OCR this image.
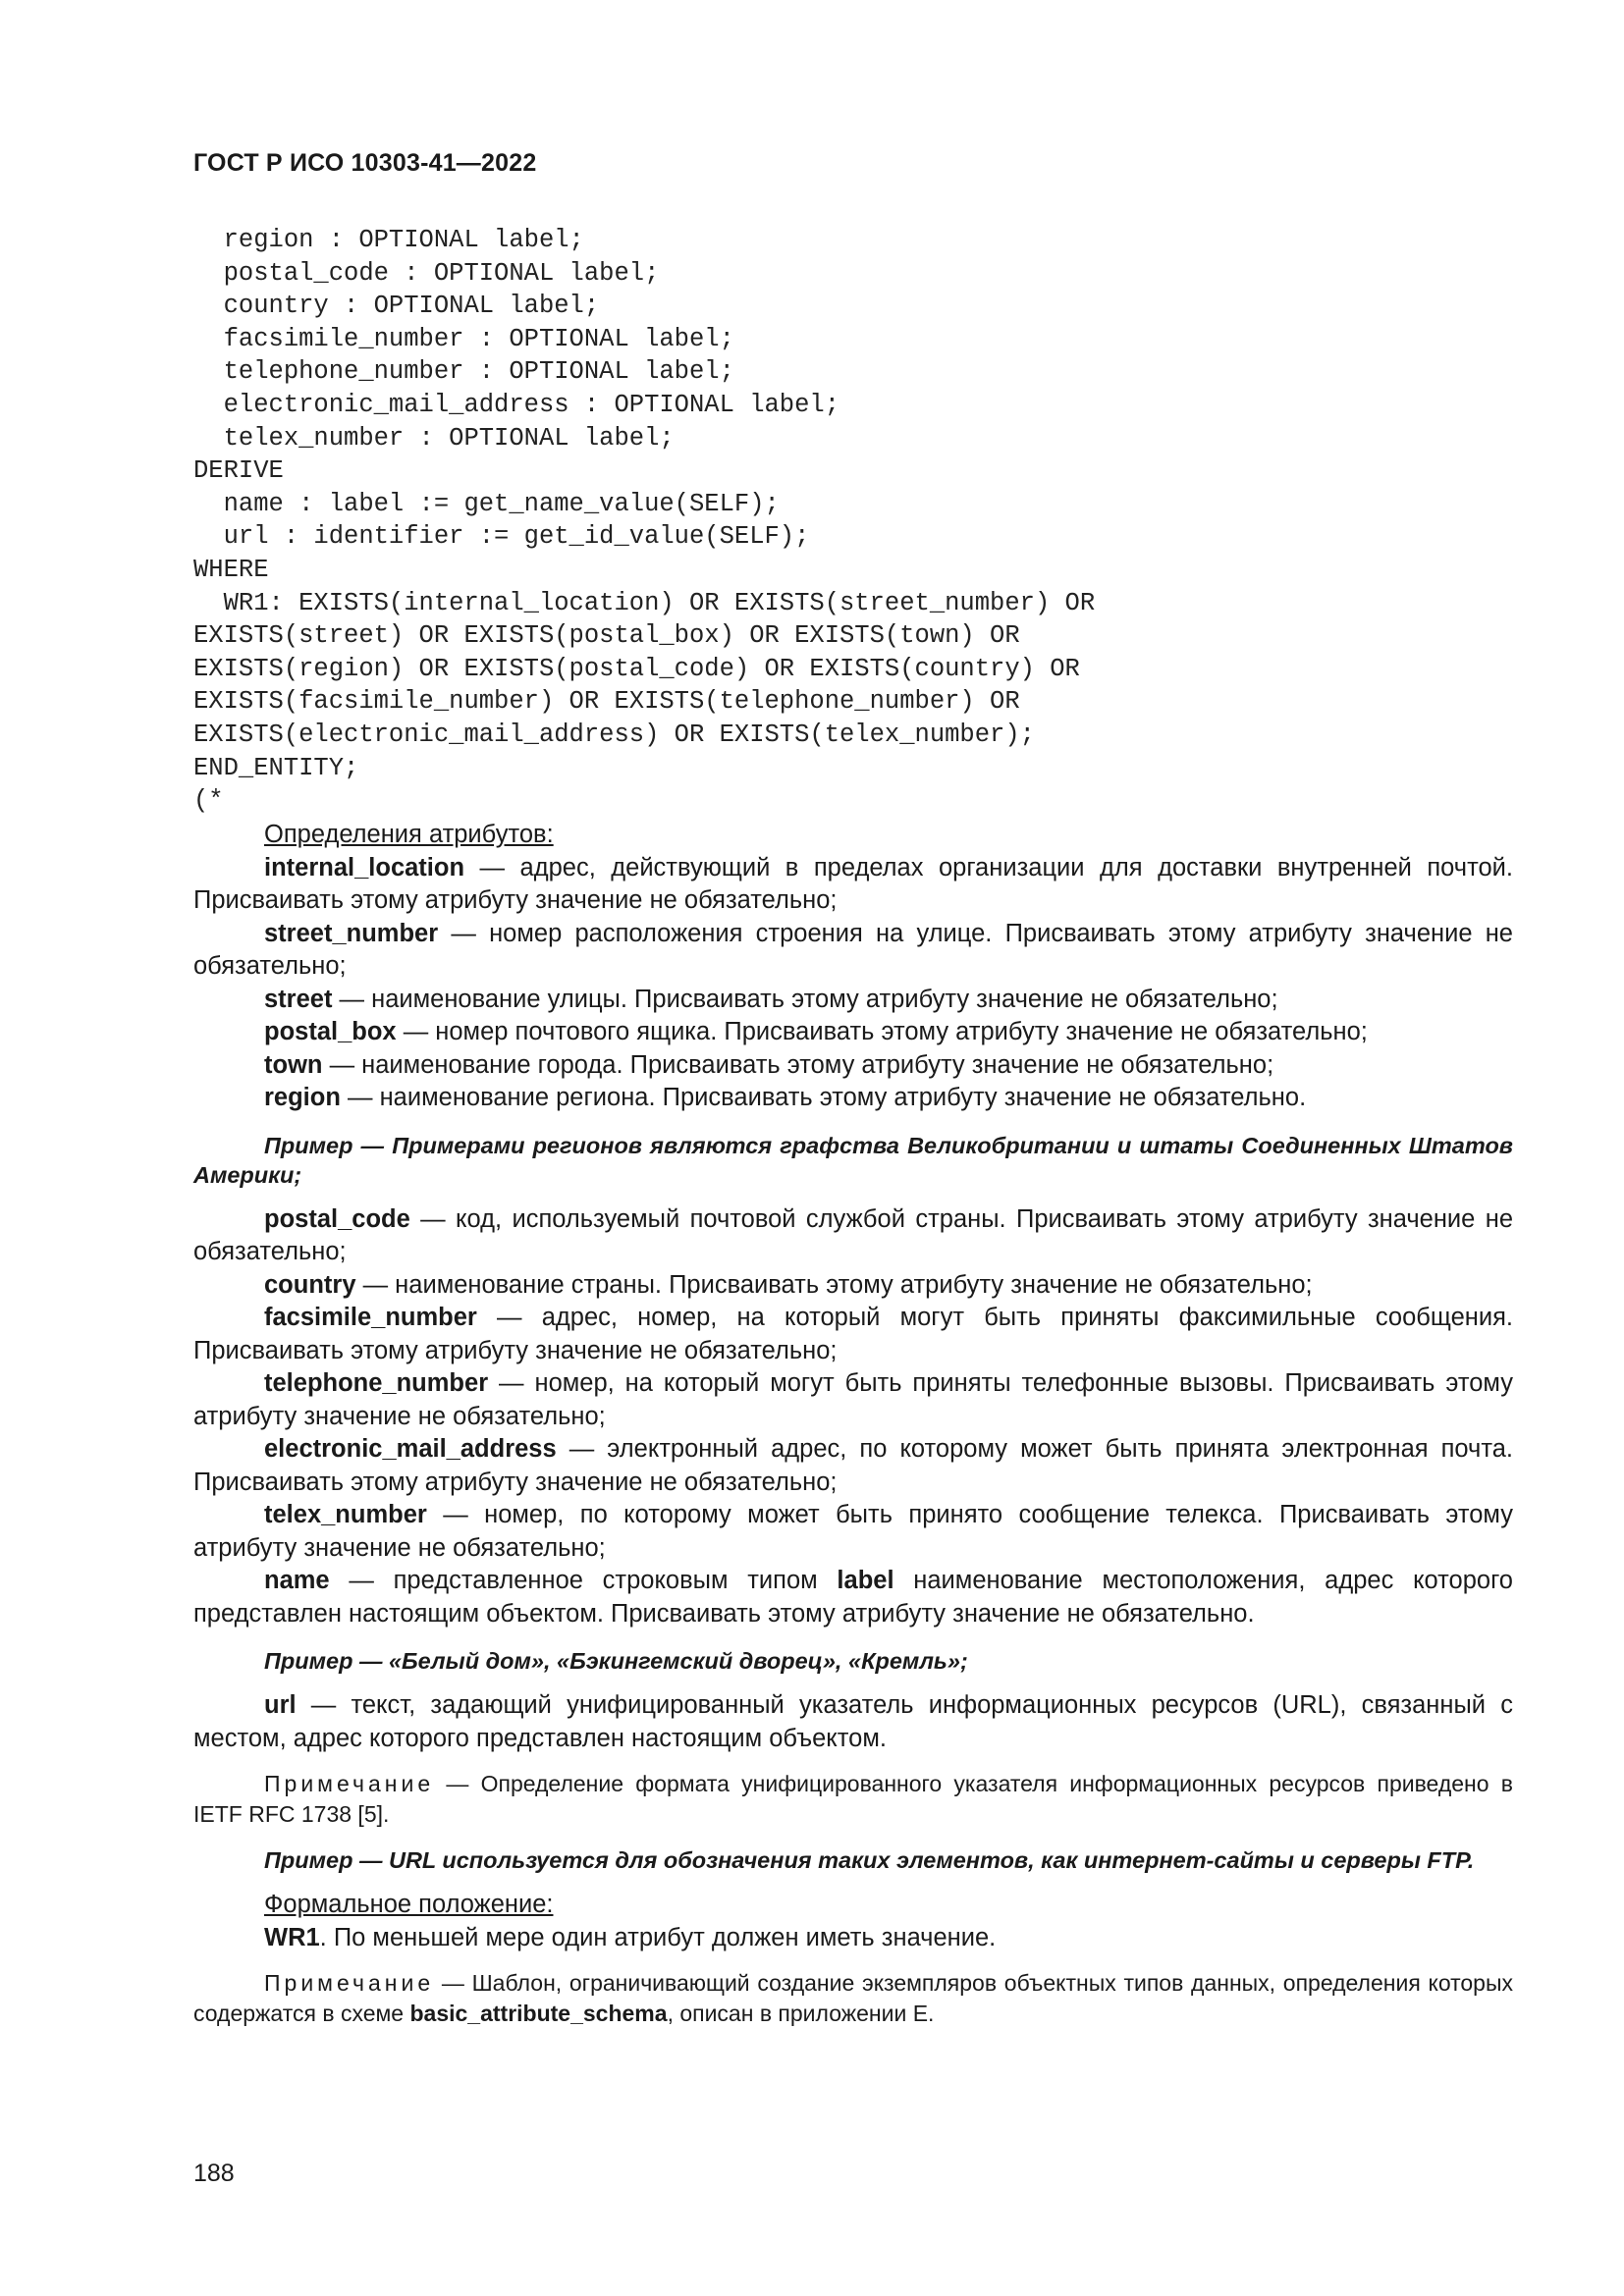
ГОСТ Р ИСО 10303-41—2022
region : OPTIONAL label;
postal_code : OPTIONAL label;
country : OPTIONAL label;
facsimile_number : OPTIONAL label;
telephone_number : OPTIONAL label;
electronic_mail_address : OPTIONAL label;
telex_number : OPTIONAL label;
DERIVE
name : label := get_name_value(SELF);
url : identifier := get_id_value(SELF);
WHERE
WR1: EXISTS(internal_location) OR EXISTS(street_number) OR
EXISTS(street) OR EXISTS(postal_box) OR EXISTS(town) OR
EXISTS(region) OR EXISTS(postal_code) OR EXISTS(country) OR
EXISTS(facsimile_number) OR EXISTS(telephone_number) OR
EXISTS(electronic_mail_address) OR EXISTS(telex_number);
END_ENTITY;
(*

Определения атрибутов:

internal_location — адрес, действующий в пределах организации для доставки внутренней почтой. Присваивать этому атрибуту значение не обязательно;

street_number — номер расположения строения на улице. Присваивать этому атрибуту значение не обязательно;

street — наименование улицы. Присваивать этому атрибуту значение не обязательно;

postal_box — номер почтового ящика. Присваивать этому атрибуту значение не обязательно;

town — наименование города. Присваивать этому атрибуту значение не обязательно;

region — наименование региона. Присваивать этому атрибуту значение не обязательно.

Пример — Примерами регионов являются графства Великобритании и штаты Соединенных Штатов Америки;

postal_code — код, используемый почтовой службой страны. Присваивать этому атрибуту значение не обязательно;

country — наименование страны. Присваивать этому атрибуту значение не обязательно;

facsimile_number — адрес, номер, на который могут быть приняты факсимильные сообщения. Присваивать этому атрибуту значение не обязательно;

telephone_number — номер, на который могут быть приняты телефонные вызовы. Присваивать этому атрибуту значение не обязательно;

electronic_mail_address — электронный адрес, по которому может быть принята электронная почта. Присваивать этому атрибуту значение не обязательно;

telex_number — номер, по которому может быть принято сообщение телекса. Присваивать этому атрибуту значение не обязательно;

name — представленное строковым типом label наименование местоположения, адрес которого представлен настоящим объектом. Присваивать этому атрибуту значение не обязательно.

Пример — «Белый дом», «Бэкингемский дворец», «Кремль»;

url — текст, задающий унифицированный указатель информационных ресурсов (URL), связанный с местом, адрес которого представлен настоящим объектом.

Примечание — Определение формата унифицированного указателя информационных ресурсов приведено в IETF RFC 1738 [5].

Пример — URL используется для обозначения таких элементов, как интернет-сайты и серверы FTP.

Формальное положение:

WR1. По меньшей мере один атрибут должен иметь значение.

Примечание — Шаблон, ограничивающий создание экземпляров объектных типов данных, определения которых содержатся в схеме basic_attribute_schema, описан в приложении Е.

188
